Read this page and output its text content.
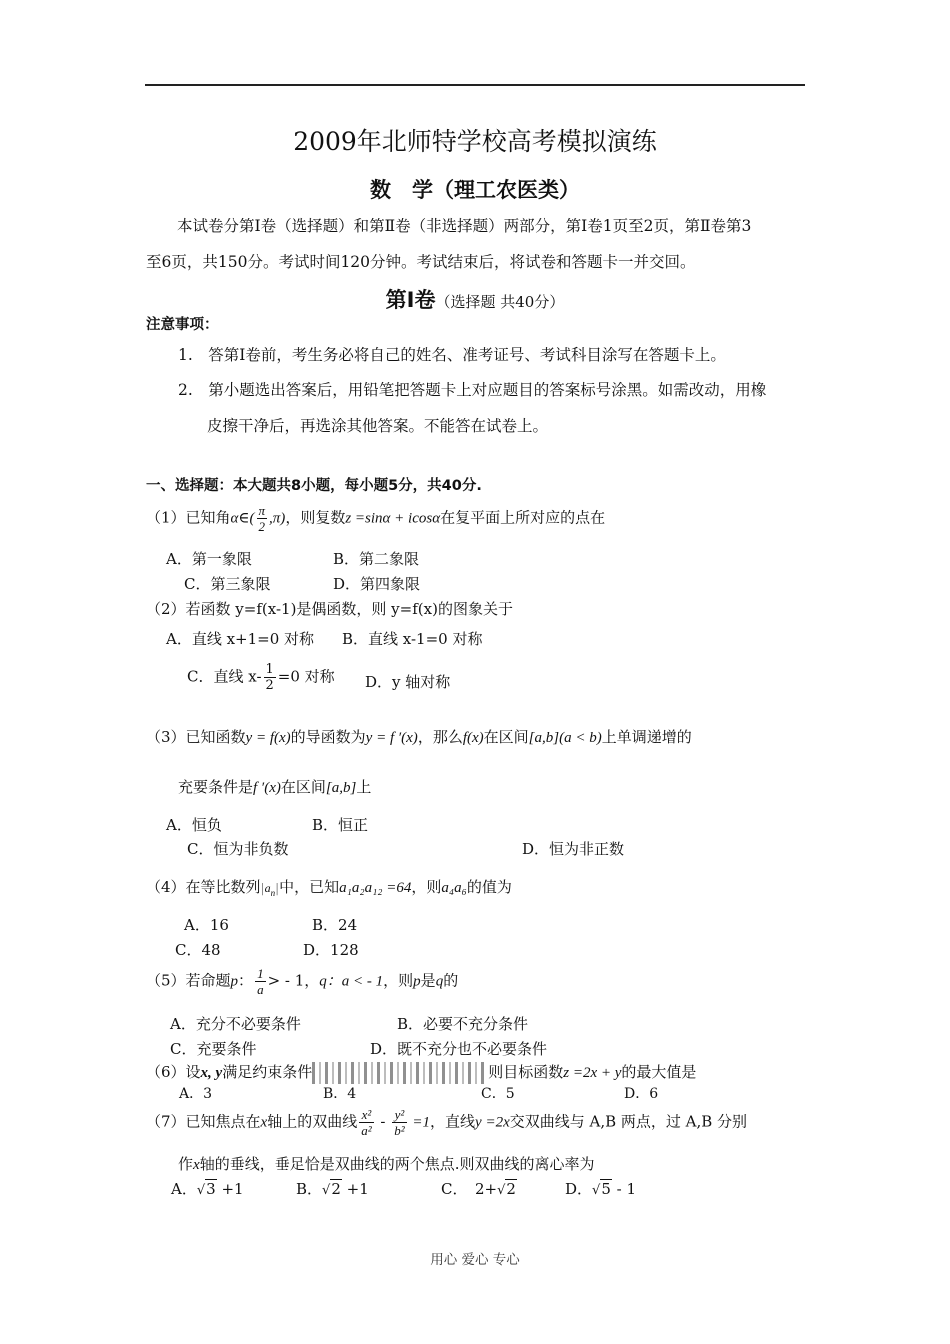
2009年北师特学校高考模拟演练
数　学（理工农医类）
本试卷分第Ⅰ卷（选择题）和第Ⅱ卷（非选择题）两部分，第Ⅰ卷1页至2页，第Ⅱ卷第3
至6页，共150分。考试时间120分钟。考试结束后，将试卷和答题卡一并交回。
第Ⅰ卷（选择题 共40分）
注意事项：
1.　答第Ⅰ卷前，考生务必将自己的姓名、准考证号、考试科目涂写在答题卡上。
2.　第小题选出答案后，用铅笔把答题卡上对应题目的答案标号涂黑。如需改动，用橡
皮擦干净后，再选涂其他答案。不能答在试卷上。
一、选择题：本大题共8小题，每小题5分，共40分.
（1）已知角α∈( $\frac{\pi}{2} ,\pi$)，则复数z =sinα + icosα在复平面上所对应的点在
A．第一象限	B．第二象限
C．第三象限	D．第四象限
（2）若函数 y=f(x-1)是偶函数，则 y=f(x)的图象关于
A．直线 x+1=0 对称 B．直线 x-1=0 对称
C．直线 $x- \frac{1}{2} =0$ 对称 D．y 轴对称
（3）已知函数y = f(x)的导函数为y = f ′(x)，那么f(x)在区间[a,b](a < b)上单调递增的
充要条件是f ′(x)在区间[a,b]上
A．恒负	B．恒正
C．恒为非负数	D．恒为非正数
（4）在等比数列$|a_n|$中，已知a₁a₂a₁₂ =64，则a₄a₆的值为
A．16	B．24
C．48	D．128
（5）若命题p： $\frac{1}{a}$ > - 1，q：a < - 1，则p是q的
A．充分不必要条件	B．必要不充分条件
C．充要条件	D．既不充分也不必要条件
（6）设x, y满足约束条件	则目标函数z =2x + y的最大值是
A．3	B．4	C．5	D．6
（7）已知焦点在x轴上的双曲线 $\frac{\text{x²}}{\text{a²}} - \frac{\text{y²}}{\text{b²}} =1$，直线y =2x交双曲线与 A,B 两点，过 A,B 分别
作x轴的垂线，垂足恰是双曲线的两个焦点.则双曲线的离心率为
A．√3 +1	B．√2 +1	C．　2+√2	D．√5 - 1
用心 爱心 专心
